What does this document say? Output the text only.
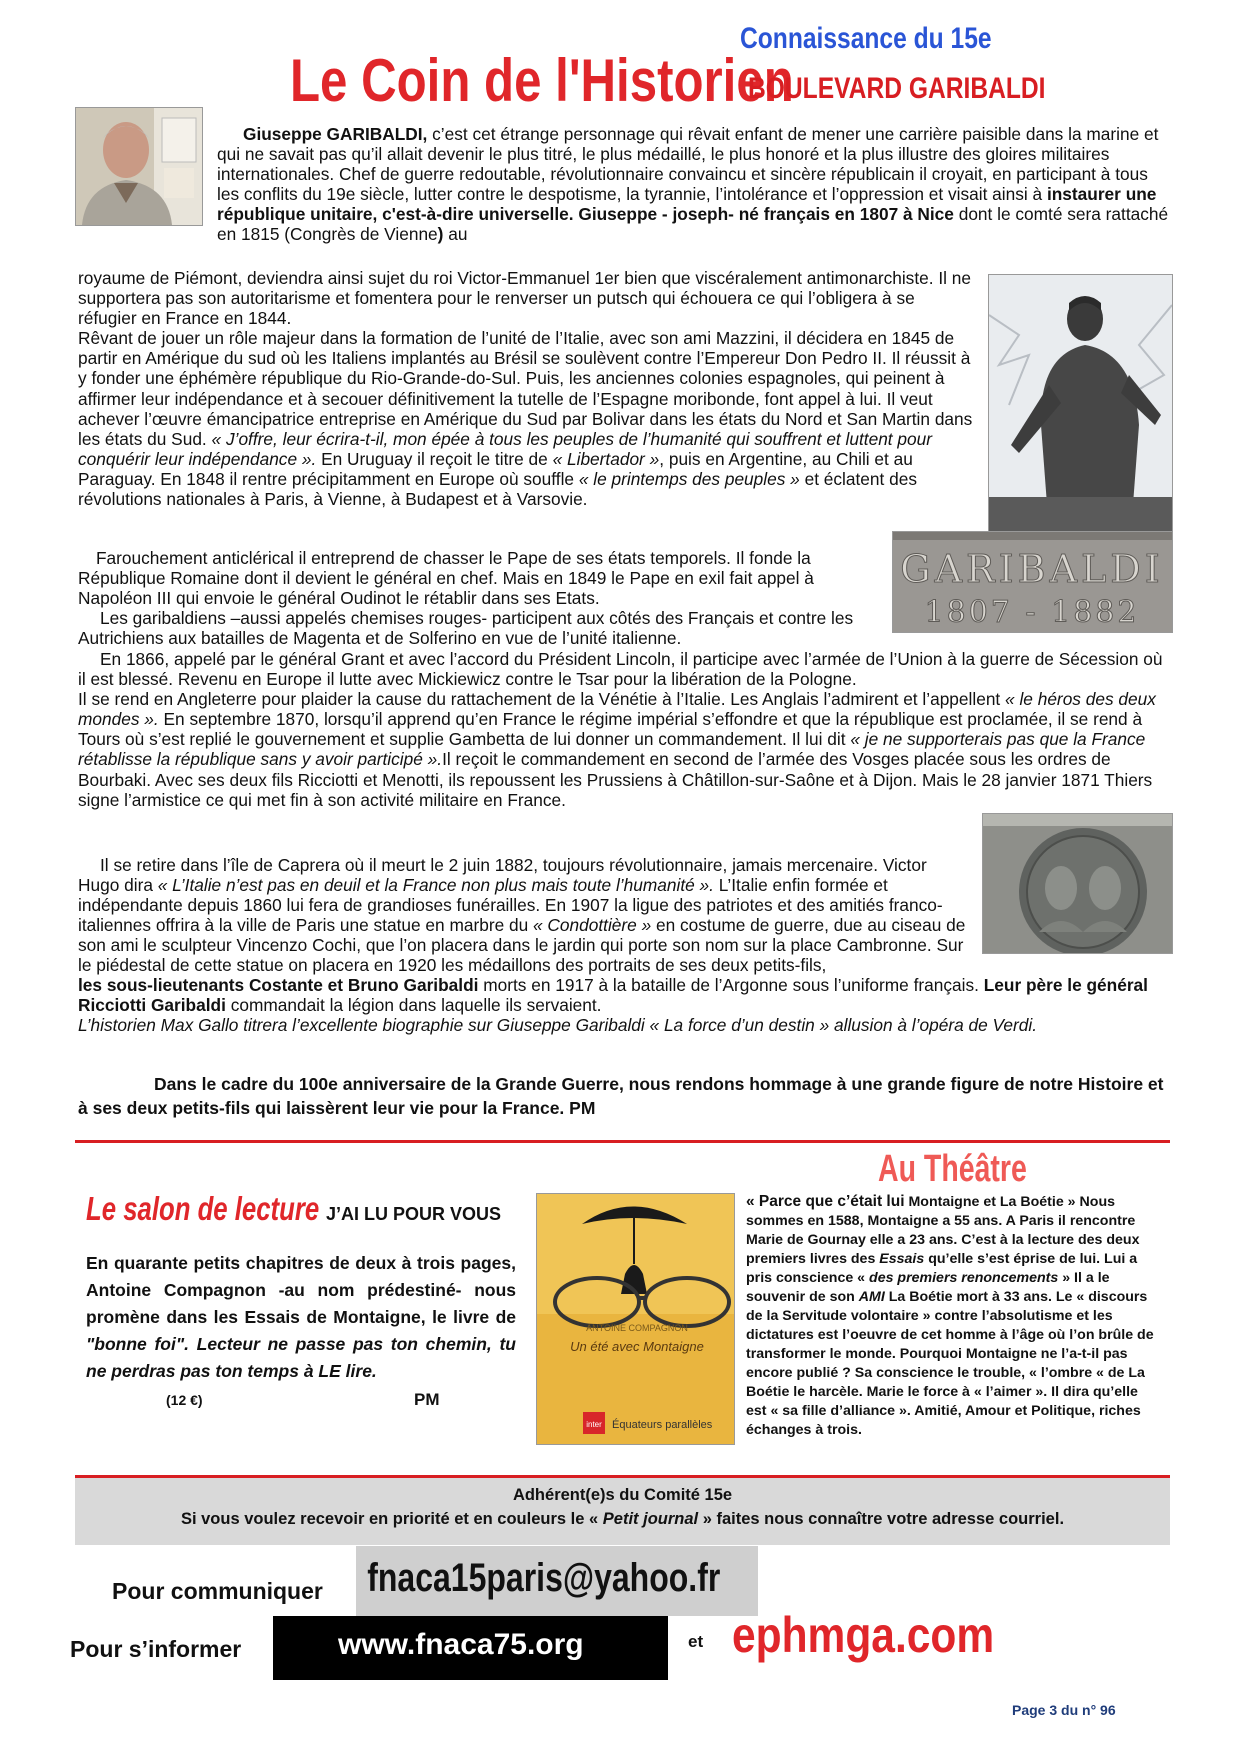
Connaissance du 15e
Le Coin de l'Historien
BOULEVARD GARIBALDI

Giuseppe GARIBALDI, c’est cet étrange personnage qui rêvait enfant de mener une carrière paisible dans la marine et qui ne savait pas qu’il allait devenir le plus titré, le plus médaillé, le plus honoré et la plus illustre des gloires militaires internationales. Chef de guerre redoutable, révolutionnaire convaincu et sincère républicain il croyait, en participant à tous les conflits du 19e siècle, lutter contre le despotisme, la tyrannie, l’intolérance et l’oppression et visait ainsi à instaurer une république unitaire, c'est-à-dire universelle. Giuseppe - joseph- né français en 1807 à Nice dont le comté sera rattaché en 1815 (Congrès de Vienne) au

GARIBALDI
1807 - 1882

royaume de Piémont, deviendra ainsi sujet du roi Victor-Emmanuel 1er bien que viscéralement antimonarchiste. Il ne supportera pas son autoritarisme et fomentera pour le renverser un putsch qui échouera ce qui l’obligera à se réfugier en France en 1844.

Rêvant de jouer un rôle majeur dans la formation de l’unité de l’Italie, avec son ami Mazzini, il décidera en 1845 de partir en Amérique du sud où les Italiens implantés au Brésil se soulèvent contre l’Empereur Don Pedro II. Il réussit à y fonder une éphémère république du Rio-Grande-do-Sul. Puis, les anciennes colonies espagnoles, qui peinent à affirmer leur indépendance et à secouer définitivement la tutelle de l’Espagne moribonde, font appel à lui. Il veut achever l’œuvre émancipatrice entreprise en Amérique du Sud par Bolivar dans les états du Nord et San Martin dans les états du Sud. « J’offre, leur écrira-t-il, mon épée à tous les peuples de l’humanité qui souffrent et luttent pour conquérir leur indépendance ». En Uruguay il reçoit le titre de « Libertador », puis en Argentine, au Chili et au Paraguay. En 1848 il rentre précipitamment en Europe où souffle « le printemps des peuples » et éclatent des révolutions nationales à Paris, à Vienne, à Budapest et à Varsovie.

Farouchement anticlérical il entreprend de chasser le Pape de ses états temporels. Il fonde la République Romaine dont il devient le général en chef. Mais en 1849 le Pape en exil fait appel à Napoléon III qui envoie le général Oudinot le rétablir dans ses Etats.

Les garibaldiens –aussi appelés chemises rouges- participent aux côtés des Français et contre les Autrichiens aux batailles de Magenta et de Solferino en vue de l’unité italienne.

En 1866, appelé par le général Grant et avec l’accord du Président Lincoln, il participe avec l’armée de l’Union à la guerre de Sécession où il est blessé. Revenu en Europe il lutte avec Mickiewicz contre le Tsar pour la libération de la Pologne.

Il se rend en Angleterre pour plaider la cause du rattachement de la Vénétie à l’Italie. Les Anglais l’admirent et l’appellent « le héros des deux mondes ». En septembre 1870, lorsqu’il apprend qu’en France le régime impérial s’effondre et que la république est proclamée, il se rend à Tours où s’est replié le gouvernement et supplie Gambetta de lui donner un commandement. Il lui dit « je ne supporterais pas que la France rétablisse la république sans y avoir participé ».Il reçoit le commandement en second de l’armée des Vosges placée sous les ordres de Bourbaki. Avec ses deux fils Ricciotti et Menotti, ils repoussent les Prussiens à Châtillon-sur-Saône et à Dijon. Mais le 28 janvier 1871 Thiers signe l’armistice ce qui met fin à son activité militaire en France.

Il se retire dans l’île de Caprera où il meurt le 2 juin 1882, toujours révolutionnaire, jamais mercenaire. Victor Hugo dira « L’Italie n’est pas en deuil et la France non plus mais toute l’humanité ». L’Italie enfin formée et indépendante depuis 1860 lui fera de grandioses funérailles. En 1907 la ligue des patriotes et des amitiés franco-italiennes offrira à la ville de Paris une statue en marbre du « Condottière » en costume de guerre, due au ciseau de son ami le sculpteur Vincenzo Cochi, que l’on placera dans le jardin qui porte son nom sur la place Cambronne. Sur le piédestal de cette statue on placera en 1920 les médaillons des portraits de ses deux petits-fils,

les sous-lieutenants Costante et Bruno Garibaldi morts en 1917 à la bataille de l’Argonne sous l’uniforme français. Leur père le général Ricciotti Garibaldi commandait la légion dans laquelle ils servaient.

L’historien Max Gallo titrera l’excellente biographie sur Giuseppe Garibaldi « La force d’un destin » allusion à l’opéra de Verdi.

Dans le cadre du 100e anniversaire de la Grande Guerre, nous rendons hommage à une grande figure de notre Histoire et à ses deux petits-fils qui laissèrent leur vie pour la France. PM
Le salon de lecture J’AI LU POUR VOUS
En quarante petits chapitres de deux à trois pages, Antoine Compagnon -au nom prédestiné- nous promène dans les Essais de Montaigne, le livre de "bonne foi". Lecteur ne passe pas ton chemin, tu ne perdras pas ton temps à LE lire.
(12 €)	PM
ANTOINE COMPAGNON
Un été avec Montaigne
inter Équateurs parallèles
Au Théâtre
« Parce que c’était lui Montaigne et La Boétie » Nous sommes en 1588, Montaigne a 55 ans. A Paris il rencontre Marie de Gournay elle a 23 ans. C’est à la lecture des deux premiers livres des Essais qu’elle s’est éprise de lui. Lui a pris conscience « des premiers renoncements » Il a le souvenir de son AMI La Boétie mort à 33 ans. Le « discours de la Servitude volontaire » contre l’absolutisme et les dictatures est l’oeuvre de cet homme à l’âge où l’on brûle de transformer le monde. Pourquoi Montaigne ne l’a-t-il pas encore publié ? Sa conscience le trouble, « l’ombre « de La Boétie le harcèle. Marie le force à « l’aimer ». Il dira qu’elle est « sa fille d’alliance ». Amitié, Amour et Politique, riches échanges à trois.
Adhérent(e)s du Comité 15e
Si vous voulez recevoir en priorité et en couleurs le « Petit journal » faites nous connaître votre adresse courriel.
Pour communiquer fnaca15paris@yahoo.fr
Pour s’informer	www.fnaca75.org	et ephmga.com
Page 3 du n° 96
